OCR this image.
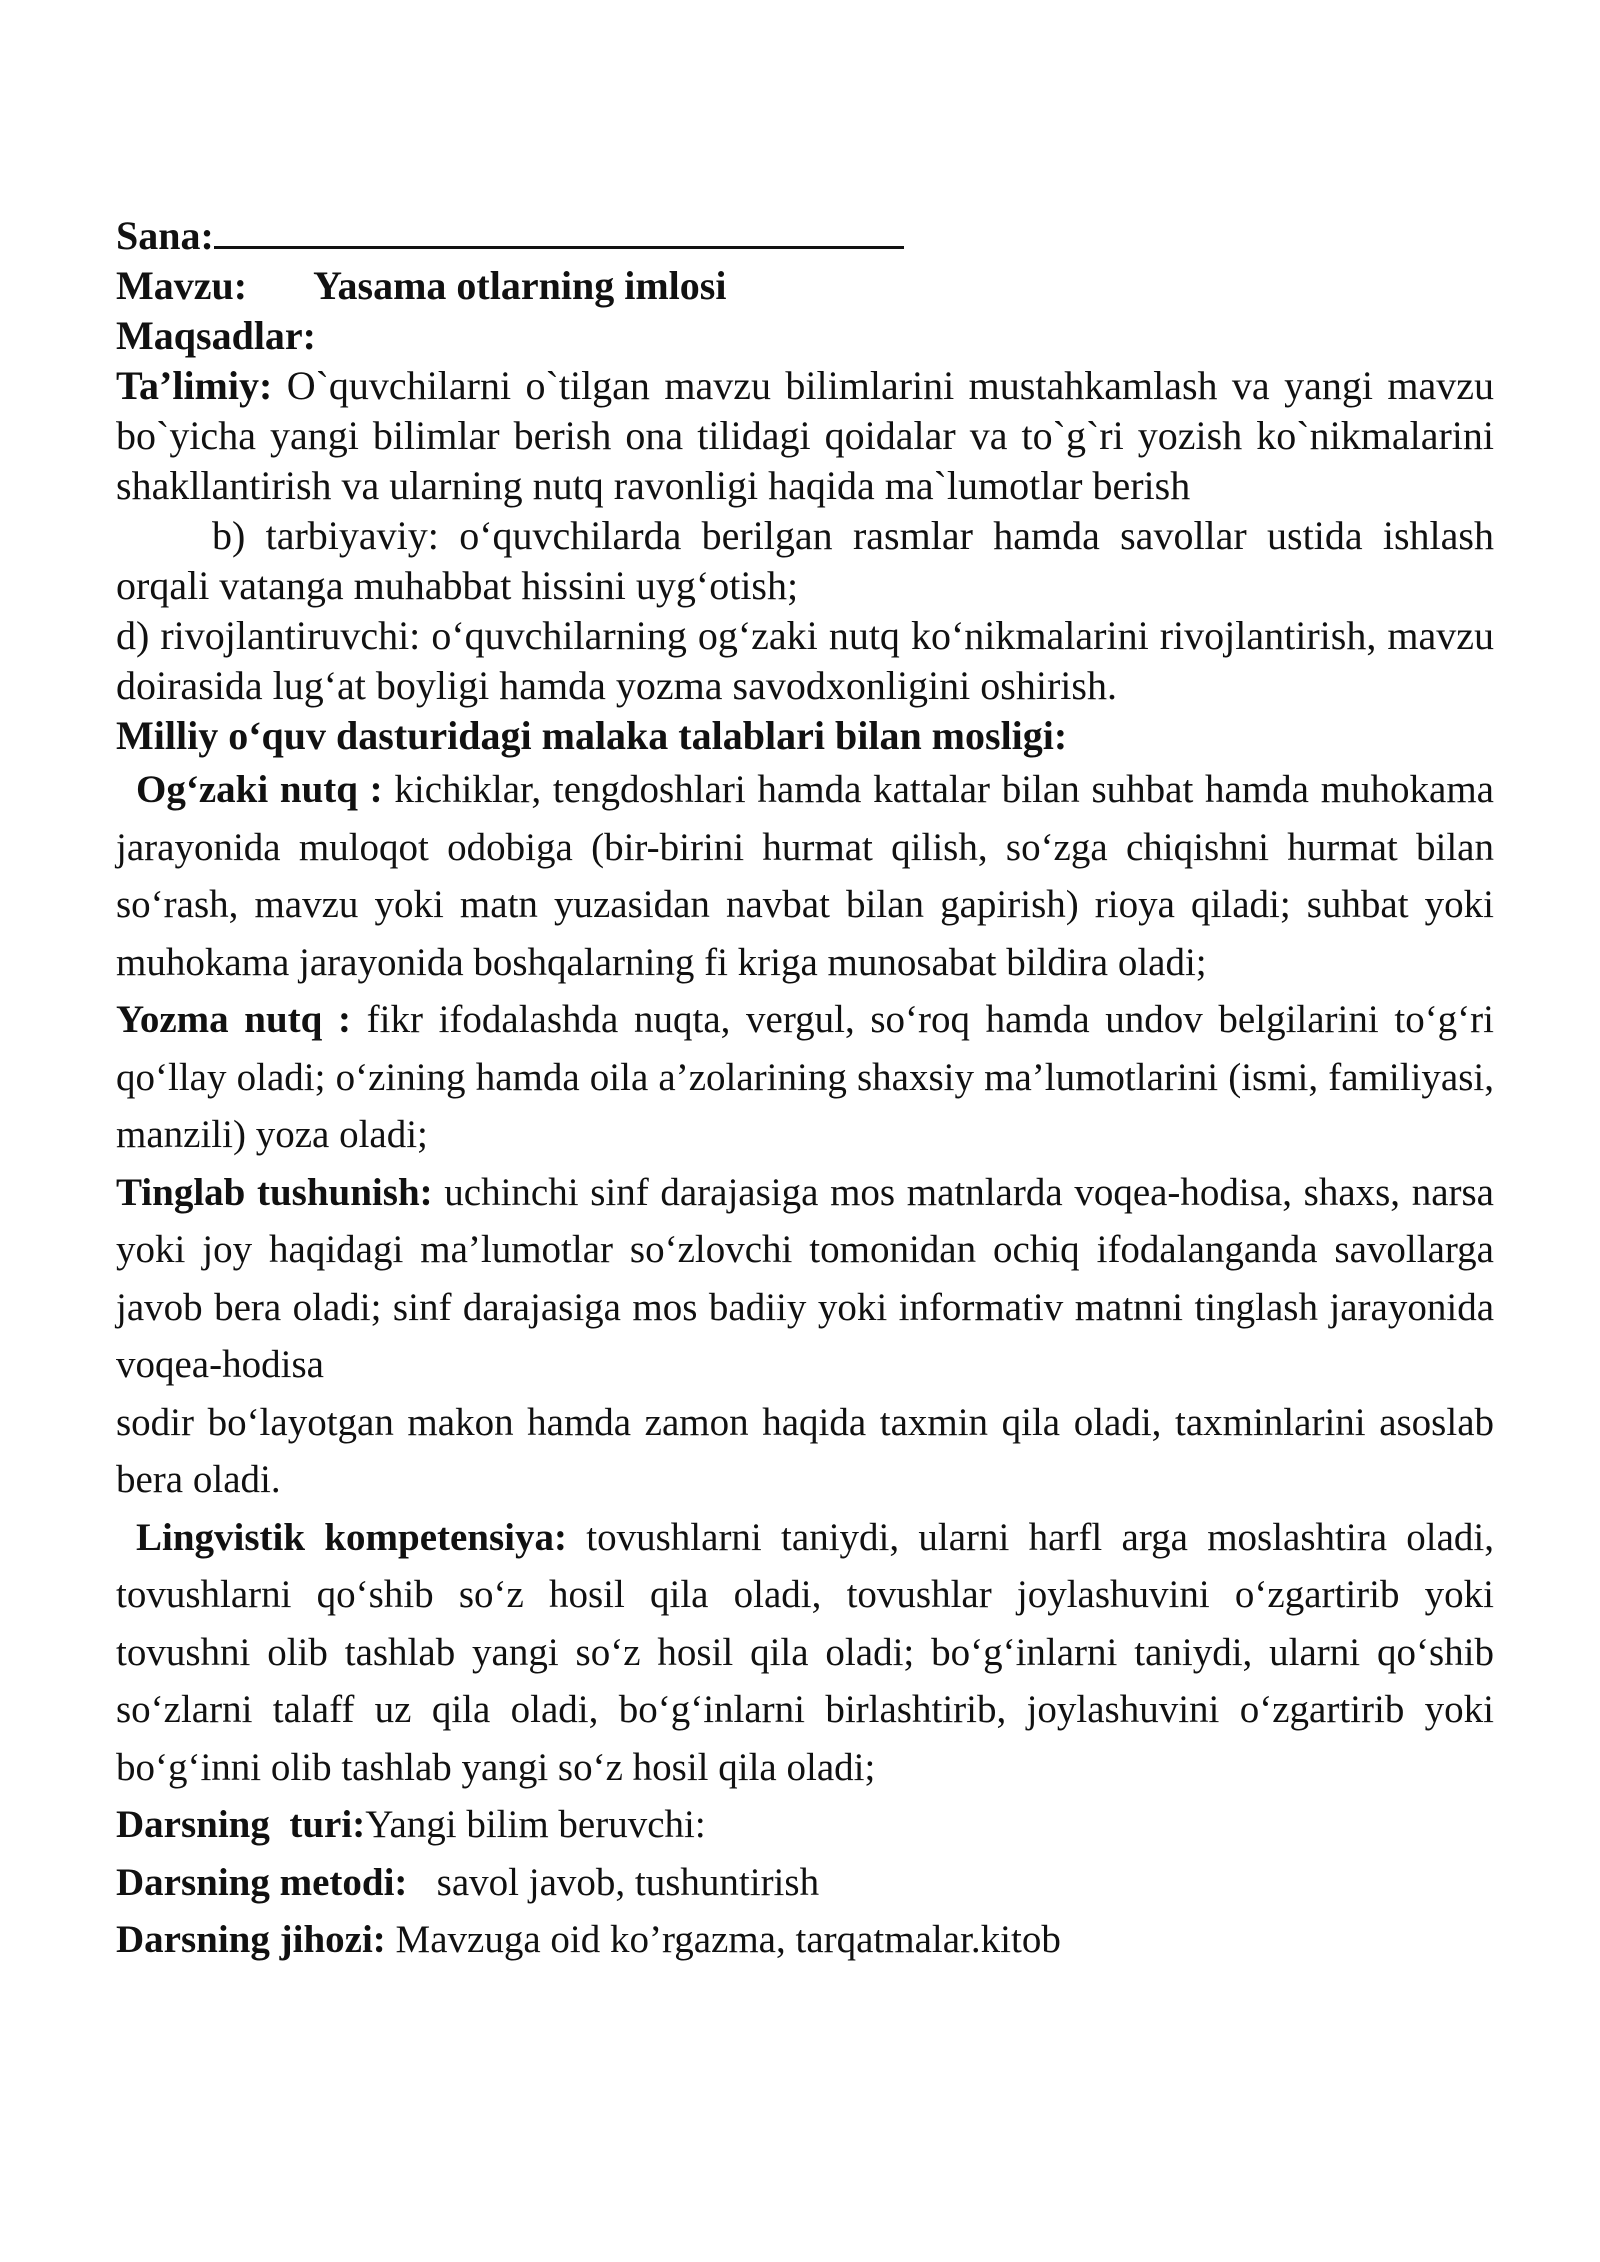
Sana:

Mavzu: Yasama otlarning imlosi

Maqsadlar:

Ta’limiy: O`quvchilarni o`tilgan mavzu bilimlarini mustahkamlash va yangi mavzu bo`yicha yangi bilimlar berish ona tilidagi qoidalar va to`g`ri yozish ko`nikmalarini shakllantirish va ularning nutq ravonligi haqida ma`lumotlar berish

b) tarbiyaviy: o‘quvchilarda berilgan rasmlar hamda savollar ustida ishlash orqali vatanga muhabbat hissini uyg‘otish;

d) rivojlantiruvchi: o‘quvchilarning og‘zaki nutq ko‘nikmalarini rivojlantirish, mavzu doirasida lug‘at boyligi hamda yozma savodxonligini oshirish.

Milliy o‘quv dasturidagi malaka talablari bilan mosligi:

Og‘zaki nutq : kichiklar, tengdoshlari hamda kattalar bilan suhbat hamda muhokama jarayonida muloqot odobiga (bir-birini hurmat qilish, so‘zga chiqishni hurmat bilan so‘rash, mavzu yoki matn yuzasidan navbat bilan gapirish) rioya qiladi; suhbat yoki muhokama jarayonida boshqalarning fi kriga munosabat bildira oladi;

Yozma nutq : fikr ifodalashda nuqta, vergul, so‘roq hamda undov belgilarini to‘g‘ri qo‘llay oladi; o‘zining hamda oila a’zolarining shaxsiy ma’lumotlarini (ismi, familiyasi, manzili) yoza oladi;

Tinglab tushunish: uchinchi sinf darajasiga mos matnlarda voqea-hodisa, shaxs, narsa yoki joy haqidagi ma’lumotlar so‘zlovchi tomonidan ochiq ifodalanganda savollarga javob bera oladi; sinf darajasiga mos badiiy yoki informativ matnni tinglash jarayonida voqea-hodisa

sodir bo‘layotgan makon hamda zamon haqida taxmin qila oladi, taxminlarini asoslab bera oladi.

Lingvistik kompetensiya: tovushlarni taniydi, ularni harfl arga moslashtira oladi, tovushlarni qo‘shib so‘z hosil qila oladi, tovushlar joylashuvini o‘zgartirib yoki tovushni olib tashlab yangi so‘z hosil qila oladi; bo‘g‘inlarni taniydi, ularni qo‘shib so‘zlarni talaff uz qila oladi, bo‘g‘inlarni birlashtirib, joylashuvini o‘zgartirib yoki bo‘g‘inni olib tashlab yangi so‘z hosil qila oladi;

Darsning  turi:Yangi bilim beruvchi:

Darsning metodi:   savol javob, tushuntirish

Darsning jihozi: Mavzuga oid ko’rgazma, tarqatmalar.kitob
